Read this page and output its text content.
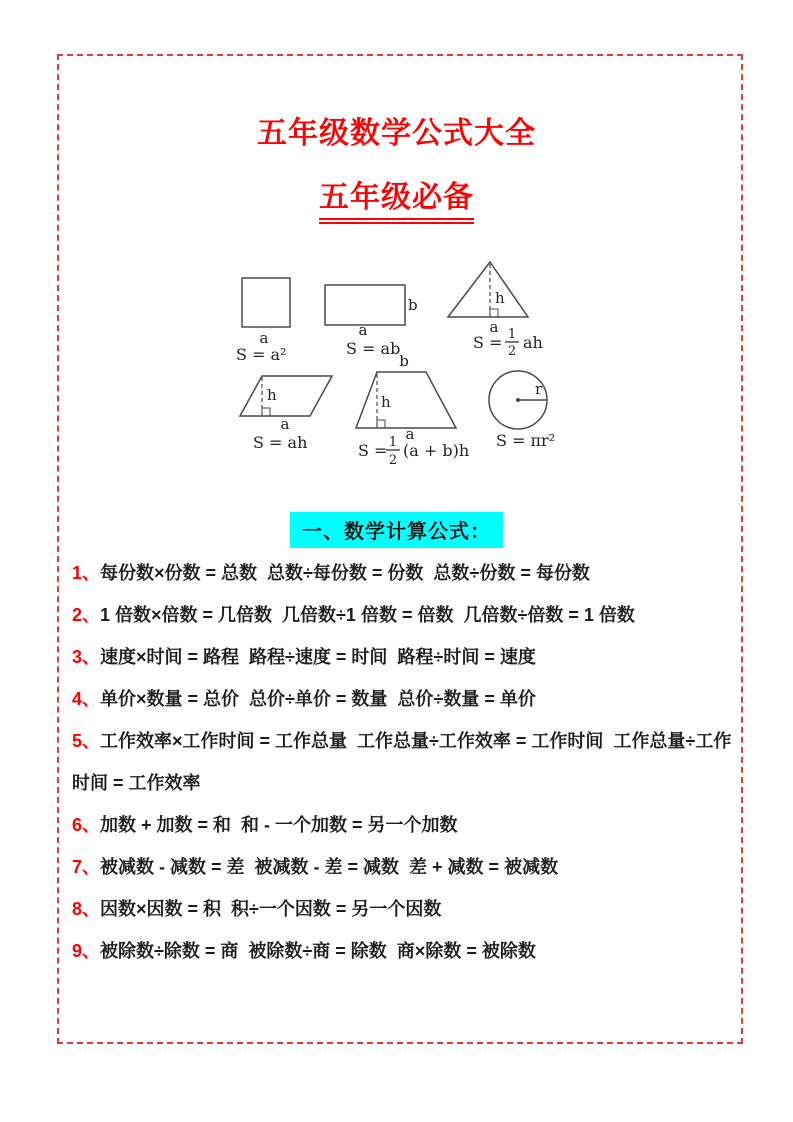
五年级数学公式大全
五年级必备
a
S = a²
b
a
S = ab
h
a
S = 1
2 ah
h
a
S = ah
b
h
a
S = 1
2
(a + b)h
r
S = πr²
一、数学计算公式：
1、每份数×份数 = 总数  总数÷每份数 = 份数  总数÷份数 = 每份数
2、1 倍数×倍数 = 几倍数  几倍数÷1 倍数 = 倍数  几倍数÷倍数 = 1 倍数
3、速度×时间 = 路程  路程÷速度 = 时间  路程÷时间 = 速度
4、单价×数量 = 总价  总价÷单价 = 数量  总价÷数量 = 单价
5、工作效率×工作时间 = 工作总量  工作总量÷工作效率 = 工作时间  工作总量÷工作时间 = 工作效率
6、加数 + 加数 = 和  和 - 一个加数 = 另一个加数
7、被减数 - 减数 = 差  被减数 - 差 = 减数  差 + 减数 = 被减数
8、因数×因数 = 积  积÷一个因数 = 另一个因数
9、被除数÷除数 = 商  被除数÷商 = 除数  商×除数 = 被除数
